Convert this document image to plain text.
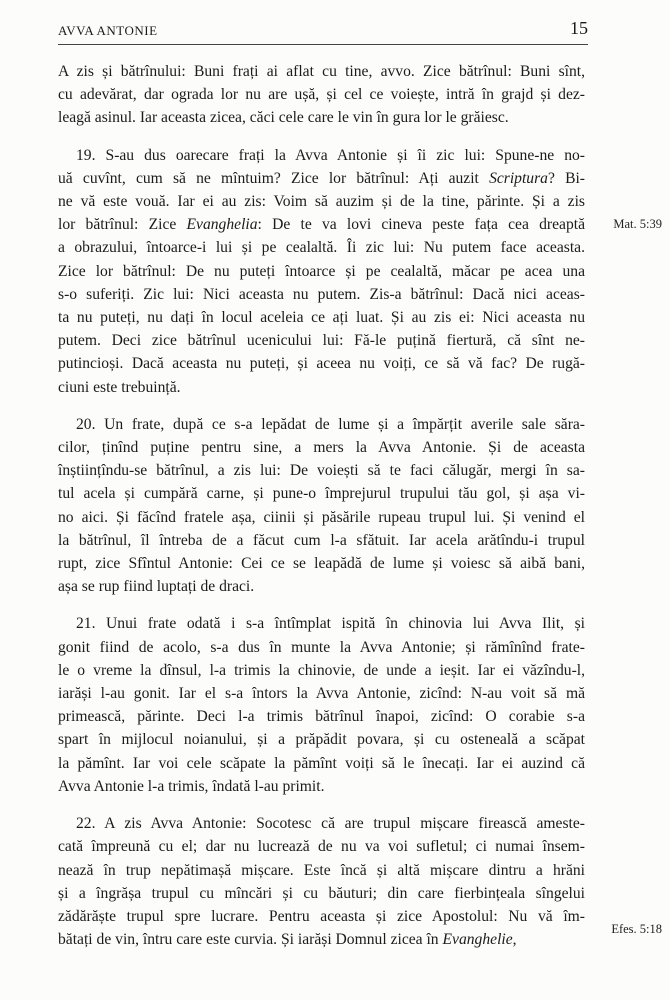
AVVA ANTONIE	15
A zis și bătrînului: Buni frați ai aflat cu tine, avvo. Zice bătrînul: Buni sînt,
cu adevărat, dar ograda lor nu are ușă, și cel ce voiește, intră în grajd și dez-
leagă asinul. Iar aceasta zicea, căci cele care le vin în gura lor le grăiesc.
19. S-au dus oarecare frați la Avva Antonie și îi zic lui: Spune-ne no-
uă cuvînt, cum să ne mîntuim? Zice lor bătrînul: Ați auzit Scriptura? Bi-
ne vă este vouă. Iar ei au zis: Voim să auzim și de la tine, părinte. Și a zis
lor bătrînul: Zice Evanghelia: De te va lovi cineva peste fața cea dreaptă
a obrazului, întoarce-i lui și pe cealaltă. Îi zic lui: Nu putem face aceasta.
Zice lor bătrînul: De nu puteți întoarce și pe cealaltă, măcar pe acea una
s-o suferiți. Zic lui: Nici aceasta nu putem. Zis-a bătrînul: Dacă nici aceas-
ta nu puteți, nu dați în locul aceleia ce ați luat. Și au zis ei: Nici aceasta nu
putem. Deci zice bătrînul ucenicului lui: Fă-le puțină fiertură, că sînt ne-
putincioși. Dacă aceasta nu puteți, și aceea nu voiți, ce să vă fac? De rugă-
ciuni este trebuință.
20. Un frate, după ce s-a lepădat de lume și a împărțit averile sale săra-
cilor, ținînd puține pentru sine, a mers la Avva Antonie. Și de aceasta
înștiințîndu-se bătrînul, a zis lui: De voiești să te faci călugăr, mergi în sa-
tul acela și cumpără carne, și pune-o împrejurul trupului tău gol, și așa vi-
no aici. Și făcînd fratele așa, ciinii și păsările rupeau trupul lui. Și venind el
la bătrînul, îl întreba de a făcut cum l-a sfătuit. Iar acela arătîndu-i trupul
rupt, zice Sfîntul Antonie: Cei ce se leapădă de lume și voiesc să aibă bani,
așa se rup fiind luptați de draci.
21. Unui frate odată i s-a întîmplat ispită în chinovia lui Avva Ilit, și
gonit fiind de acolo, s-a dus în munte la Avva Antonie; și rămînînd frate-
le o vreme la dînsul, l-a trimis la chinovie, de unde a ieșit. Iar ei văzîndu-l,
iarăși l-au gonit. Iar el s-a întors la Avva Antonie, zicînd: N-au voit să mă
primească, părinte. Deci l-a trimis bătrînul înapoi, zicînd: O corabie s-a
spart în mijlocul noianului, și a prăpădit povara, și cu osteneală a scăpat
la pămînt. Iar voi cele scăpate la pămînt voiți să le înecați. Iar ei auzind că
Avva Antonie l-a trimis, îndată l-au primit.
22. A zis Avva Antonie: Socotesc că are trupul mișcare firească ameste-
cată împreună cu el; dar nu lucrează de nu va voi sufletul; ci numai însem-
nează în trup nepătimașă mișcare. Este încă și altă mișcare dintru a hrăni
și a îngrășa trupul cu mîncări și cu băuturi; din care fierbințeala sîngelui
zădărăște trupul spre lucrare. Pentru aceasta și zice Apostolul: Nu vă îm-
bătați de vin, întru care este curvia. Și iarăși Domnul zicea în Evanghelie,
Mat. 5:39
Efes. 5:18
